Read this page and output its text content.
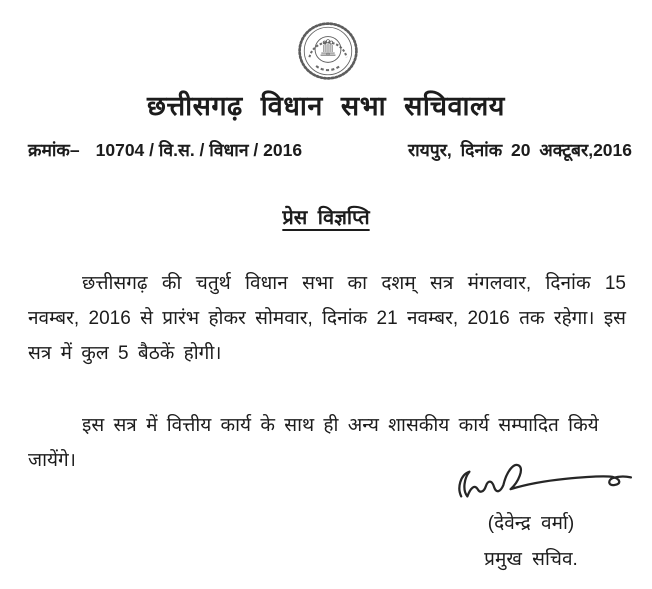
छत्तीसगढ़ विधान सभा सचिवालय
क्रमांक– 10704 / वि.स. / विधान / 2016	रायपुर, दिनांक 20 अक्टूबर,2016
प्रेस विज्ञप्ति

छत्तीसगढ़ की चतुर्थ विधान सभा का दशम् सत्र मंगलवार, दिनांक 15 नवम्बर, 2016 से प्रारंभ होकर सोमवार, दिनांक 21 नवम्बर, 2016 तक रहेगा। इस सत्र में कुल 5 बैठकें होगी।

इस सत्र में वित्तीय कार्य के साथ ही अन्य शासकीय कार्य सम्पादित किये जायेंगे।

(देवेन्द्र वर्मा)
प्रमुख सचिव.
